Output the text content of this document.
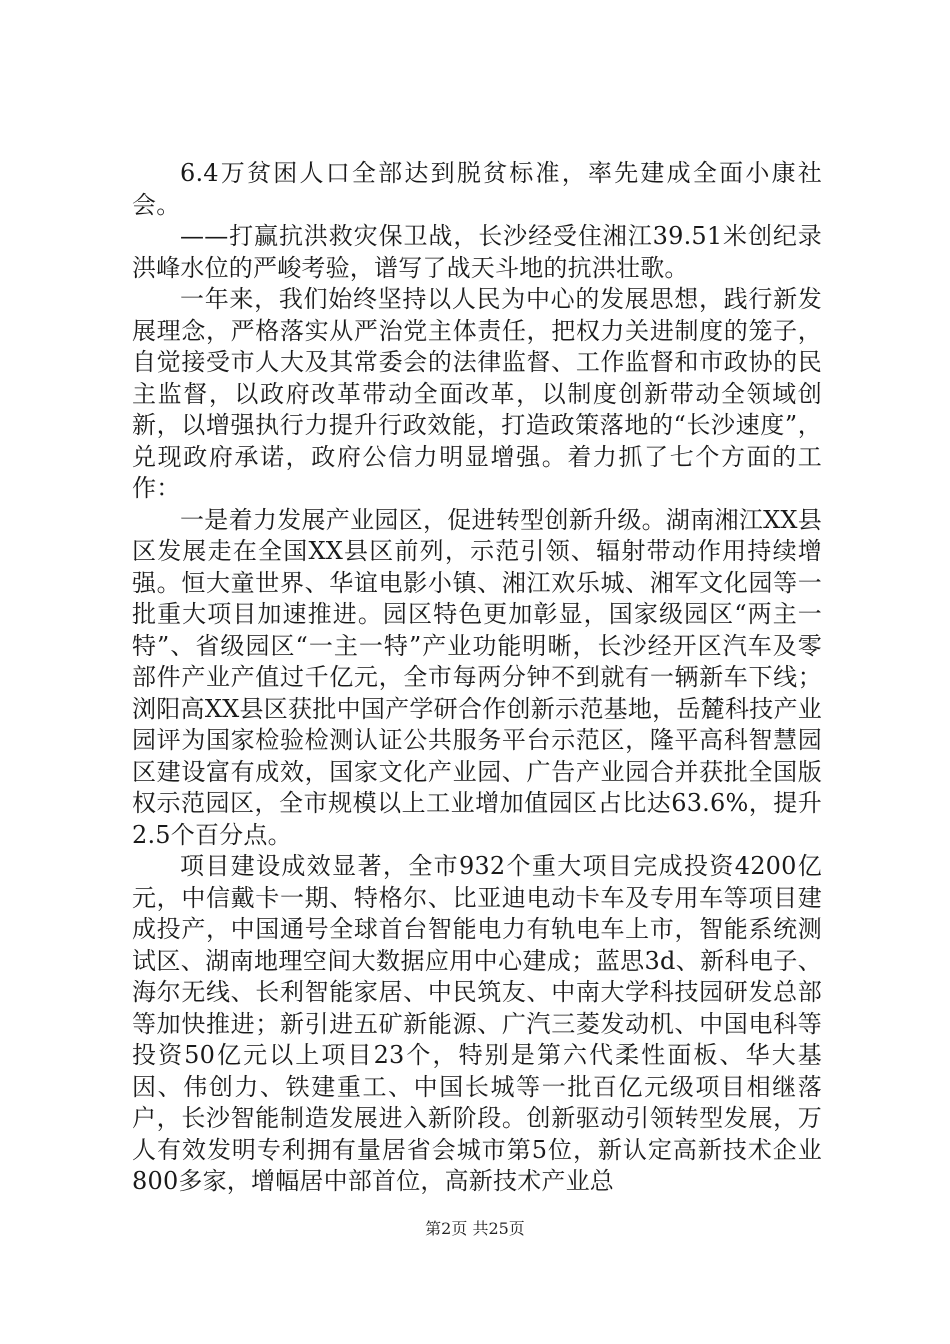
6.4万贫困人口全部达到脱贫标准，率先建成全面小康社会。

——打赢抗洪救灾保卫战，长沙经受住湘江39.51米创纪录洪峰水位的严峻考验，谱写了战天斗地的抗洪壮歌。

一年来，我们始终坚持以人民为中心的发展思想，践行新发展理念，严格落实从严治党主体责任，把权力关进制度的笼子，自觉接受市人大及其常委会的法律监督、工作监督和市政协的民主监督，以政府改革带动全面改革，以制度创新带动全领域创新，以增强执行力提升行政效能，打造政策落地的“长沙速度”，兑现政府承诺，政府公信力明显增强。着力抓了七个方面的工作：

一是着力发展产业园区，促进转型创新升级。湖南湘江XX县区发展走在全国XX县区前列，示范引领、辐射带动作用持续增强。恒大童世界、华谊电影小镇、湘江欢乐城、湘军文化园等一批重大项目加速推进。园区特色更加彰显，国家级园区“两主一特”、省级园区“一主一特”产业功能明晰，长沙经开区汽车及零部件产业产值过千亿元，全市每两分钟不到就有一辆新车下线；浏阳高XX县区获批中国产学研合作创新示范基地，岳麓科技产业园评为国家检验检测认证公共服务平台示范区，隆平高科智慧园区建设富有成效，国家文化产业园、广告产业园合并获批全国版权示范园区，全市规模以上工业增加值园区占比达63.6%，提升2.5个百分点。

项目建设成效显著，全市932个重大项目完成投资4200亿元，中信戴卡一期、特格尔、比亚迪电动卡车及专用车等项目建成投产，中国通号全球首台智能电力有轨电车上市，智能系统测试区、湖南地理空间大数据应用中心建成；蓝思3d、新科电子、海尔无线、长利智能家居、中民筑友、中南大学科技园研发总部等加快推进；新引进五矿新能源、广汽三菱发动机、中国电科等投资50亿元以上项目23个，特别是第六代柔性面板、华大基因、伟创力、铁建重工、中国长城等一批百亿元级项目相继落户，长沙智能制造发展进入新阶段。创新驱动引领转型发展，万人有效发明专利拥有量居省会城市第5位，新认定高新技术企业800多家，增幅居中部首位，高新技术产业总

第2页 共25页
